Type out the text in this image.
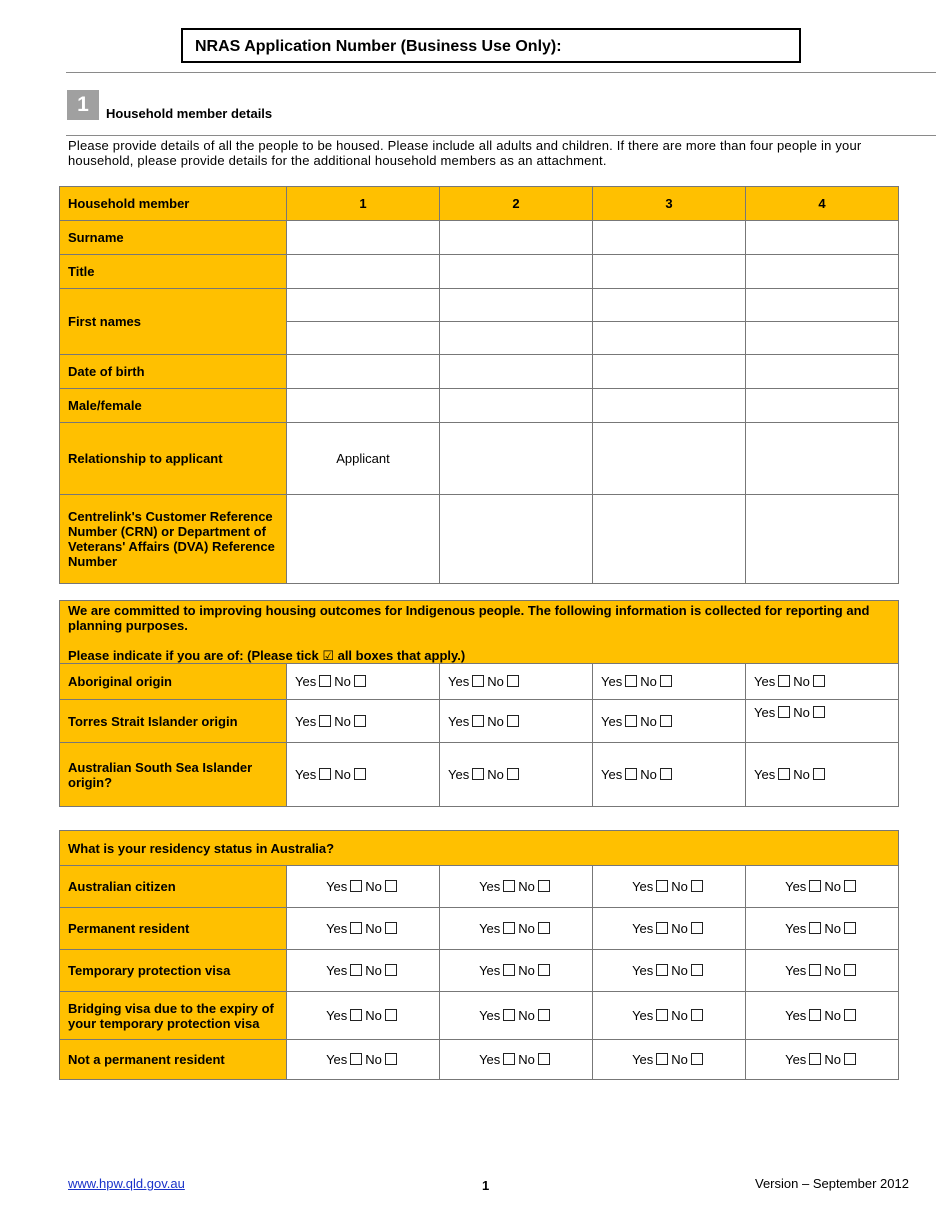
NRAS Application Number (Business Use Only):
1	Household member details
Please provide details of all the people to be housed. Please include all adults and children. If there are more than four people in your household, please provide details for the additional household members as an attachment.
Household member	1	2	3	4
Surname				
Title				
First names				

Date of birth				
Male/female				
Relationship to applicant	Applicant			
Centrelink's Customer Reference Number (CRN) or Department of Veterans' Affairs (DVA) Reference Number				
We are committed to improving housing outcomes for Indigenous people. The following information is collected for reporting and planning purposes.
Please indicate if you are of: (Please tick ☑ all boxes that apply.)				

Aboriginal origin	Yes No	Yes No	Yes No	Yes No
Torres Strait Islander origin	Yes No	Yes No	Yes No	Yes No
Australian South Sea Islander origin?	Yes No	Yes No	Yes No	Yes No
What is your residency status in Australia?				
Australian citizen	Yes No	Yes No	Yes No	Yes No
Permanent resident	Yes No	Yes No	Yes No	Yes No
Temporary protection visa	Yes No	Yes No	Yes No	Yes No
Bridging visa due to the expiry of your temporary protection visa	Yes No	Yes No	Yes No	Yes No
Not a permanent resident	Yes No	Yes No	Yes No	Yes No
www.hpw.qld.gov.au	1	Version – September 2012
